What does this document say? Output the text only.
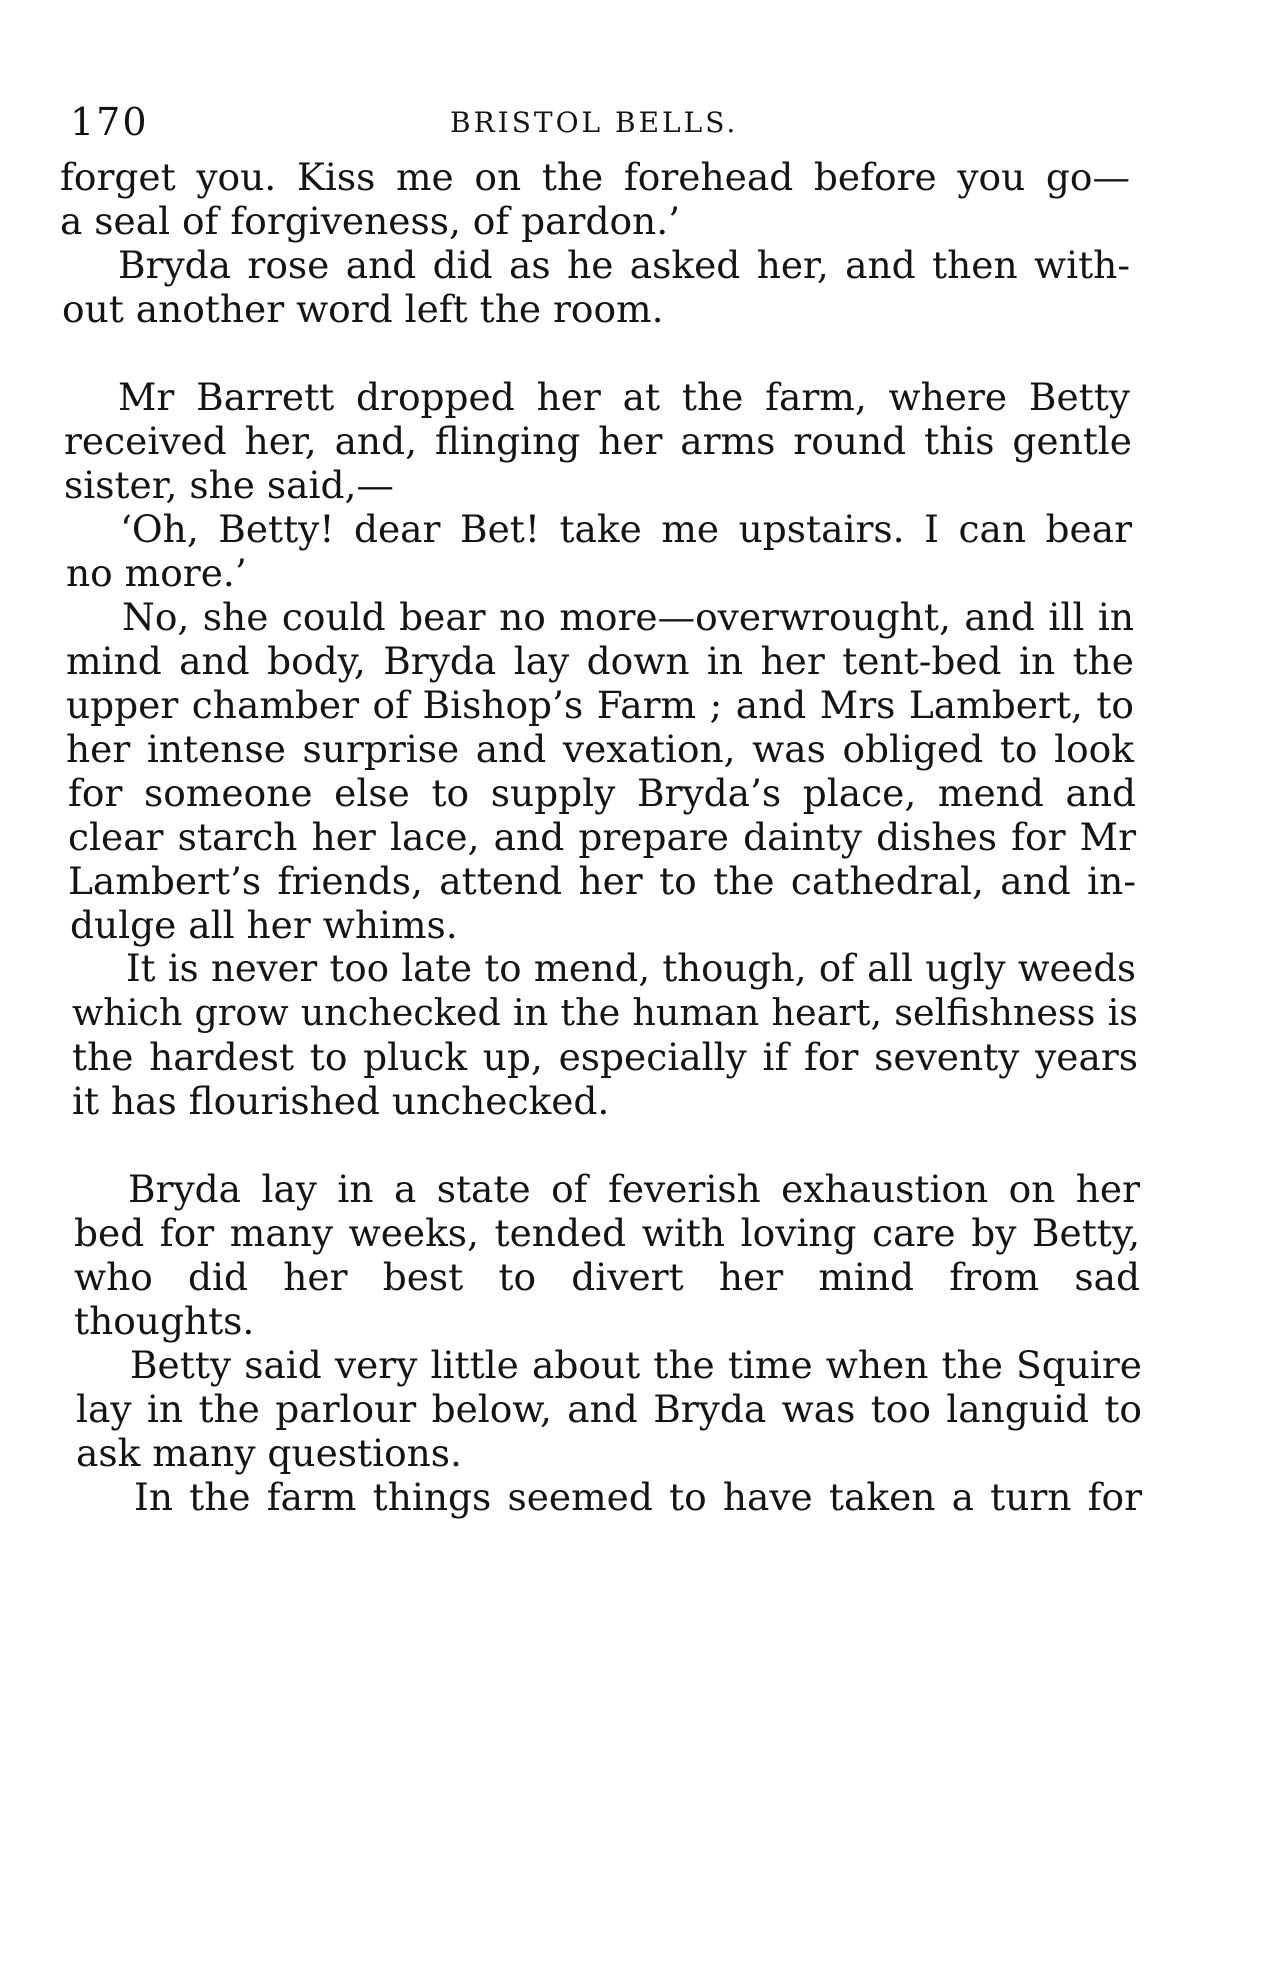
170	BRISTOL BELLS.
forget you. Kiss me on the forehead before you go—
a seal of forgiveness, of pardon.’
Bryda rose and did as he asked her, and then with-
out another word left the room.
Mr Barrett dropped her at the farm, where Betty
received her, and, flinging her arms round this gentle
sister, she said,—
‘Oh, Betty! dear Bet! take me upstairs. I can bear
no more.’
No, she could bear no more—overwrought, and ill in
mind and body, Bryda lay down in her tent-bed in the
upper chamber of Bishop’s Farm ; and Mrs Lambert, to
her intense surprise and vexation, was obliged to look
for someone else to supply Bryda’s place, mend and
clear starch her lace, and prepare dainty dishes for Mr
Lambert’s friends, attend her to the cathedral, and in-
dulge all her whims.
It is never too late to mend, though, of all ugly weeds
which grow unchecked in the human heart, selfishness is
the hardest to pluck up, especially if for seventy years
it has flourished unchecked.
Bryda lay in a state of feverish exhaustion on her
bed for many weeks, tended with loving care by Betty,
who did her best to divert her mind from sad
thoughts.
Betty said very little about the time when the Squire
lay in the parlour below, and Bryda was too languid to
ask many questions.
In the farm things seemed to have taken a turn for
